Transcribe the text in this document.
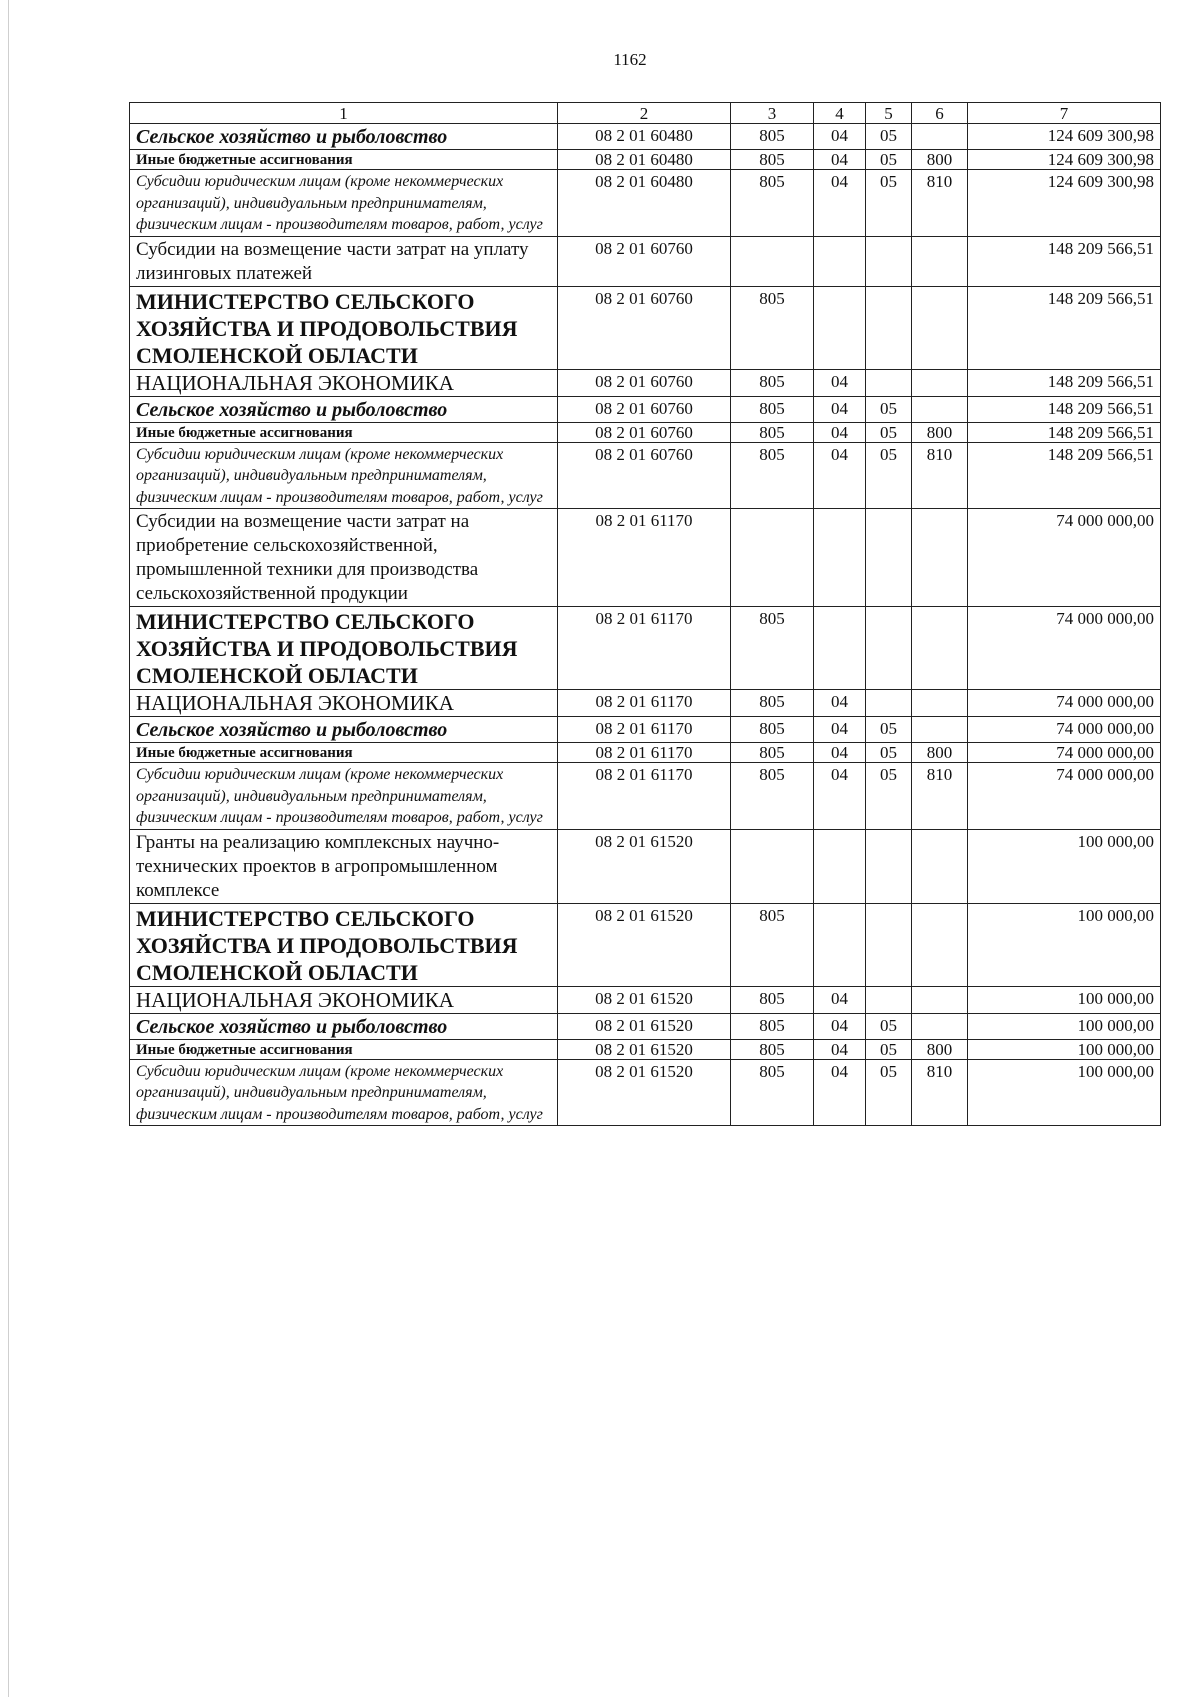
1162
1	2	3	4	5	6	7
Сельское хозяйство и рыболовство	08 2 01 60480	805	04	05		124 609 300,98
Иные бюджетные ассигнования	08 2 01 60480	805	04	05	800	124 609 300,98
Субсидии юридическим лицам (кроме некоммерческих организаций), индивидуальным предпринимателям, физическим лицам - производителям товаров, работ, услуг	08 2 01 60480	805	04	05	810	124 609 300,98
Субсидии на возмещение части затрат на уплату лизинговых платежей	08 2 01 60760					148 209 566,51
МИНИСТЕРСТВО СЕЛЬСКОГО ХОЗЯЙСТВА И ПРОДОВОЛЬСТВИЯ СМОЛЕНСКОЙ ОБЛАСТИ	08 2 01 60760	805				148 209 566,51
НАЦИОНАЛЬНАЯ ЭКОНОМИКА	08 2 01 60760	805	04			148 209 566,51
Сельское хозяйство и рыболовство	08 2 01 60760	805	04	05		148 209 566,51
Иные бюджетные ассигнования	08 2 01 60760	805	04	05	800	148 209 566,51
Субсидии юридическим лицам (кроме некоммерческих организаций), индивидуальным предпринимателям, физическим лицам - производителям товаров, работ, услуг	08 2 01 60760	805	04	05	810	148 209 566,51
Субсидии на возмещение части затрат на приобретение сельскохозяйственной, промышленной техники для производства сельскохозяйственной продукции	08 2 01 61170					74 000 000,00
МИНИСТЕРСТВО СЕЛЬСКОГО ХОЗЯЙСТВА И ПРОДОВОЛЬСТВИЯ СМОЛЕНСКОЙ ОБЛАСТИ	08 2 01 61170	805				74 000 000,00
НАЦИОНАЛЬНАЯ ЭКОНОМИКА	08 2 01 61170	805	04			74 000 000,00
Сельское хозяйство и рыболовство	08 2 01 61170	805	04	05		74 000 000,00
Иные бюджетные ассигнования	08 2 01 61170	805	04	05	800	74 000 000,00
Субсидии юридическим лицам (кроме некоммерческих организаций), индивидуальным предпринимателям, физическим лицам - производителям товаров, работ, услуг	08 2 01 61170	805	04	05	810	74 000 000,00
Гранты на реализацию комплексных научно-технических проектов в агропромышленном комплексе	08 2 01 61520					100 000,00
МИНИСТЕРСТВО СЕЛЬСКОГО ХОЗЯЙСТВА И ПРОДОВОЛЬСТВИЯ СМОЛЕНСКОЙ ОБЛАСТИ	08 2 01 61520	805				100 000,00
НАЦИОНАЛЬНАЯ ЭКОНОМИКА	08 2 01 61520	805	04			100 000,00
Сельское хозяйство и рыболовство	08 2 01 61520	805	04	05		100 000,00
Иные бюджетные ассигнования	08 2 01 61520	805	04	05	800	100 000,00
Субсидии юридическим лицам (кроме некоммерческих организаций), индивидуальным предпринимателям, физическим лицам - производителям товаров, работ, услуг	08 2 01 61520	805	04	05	810	100 000,00
